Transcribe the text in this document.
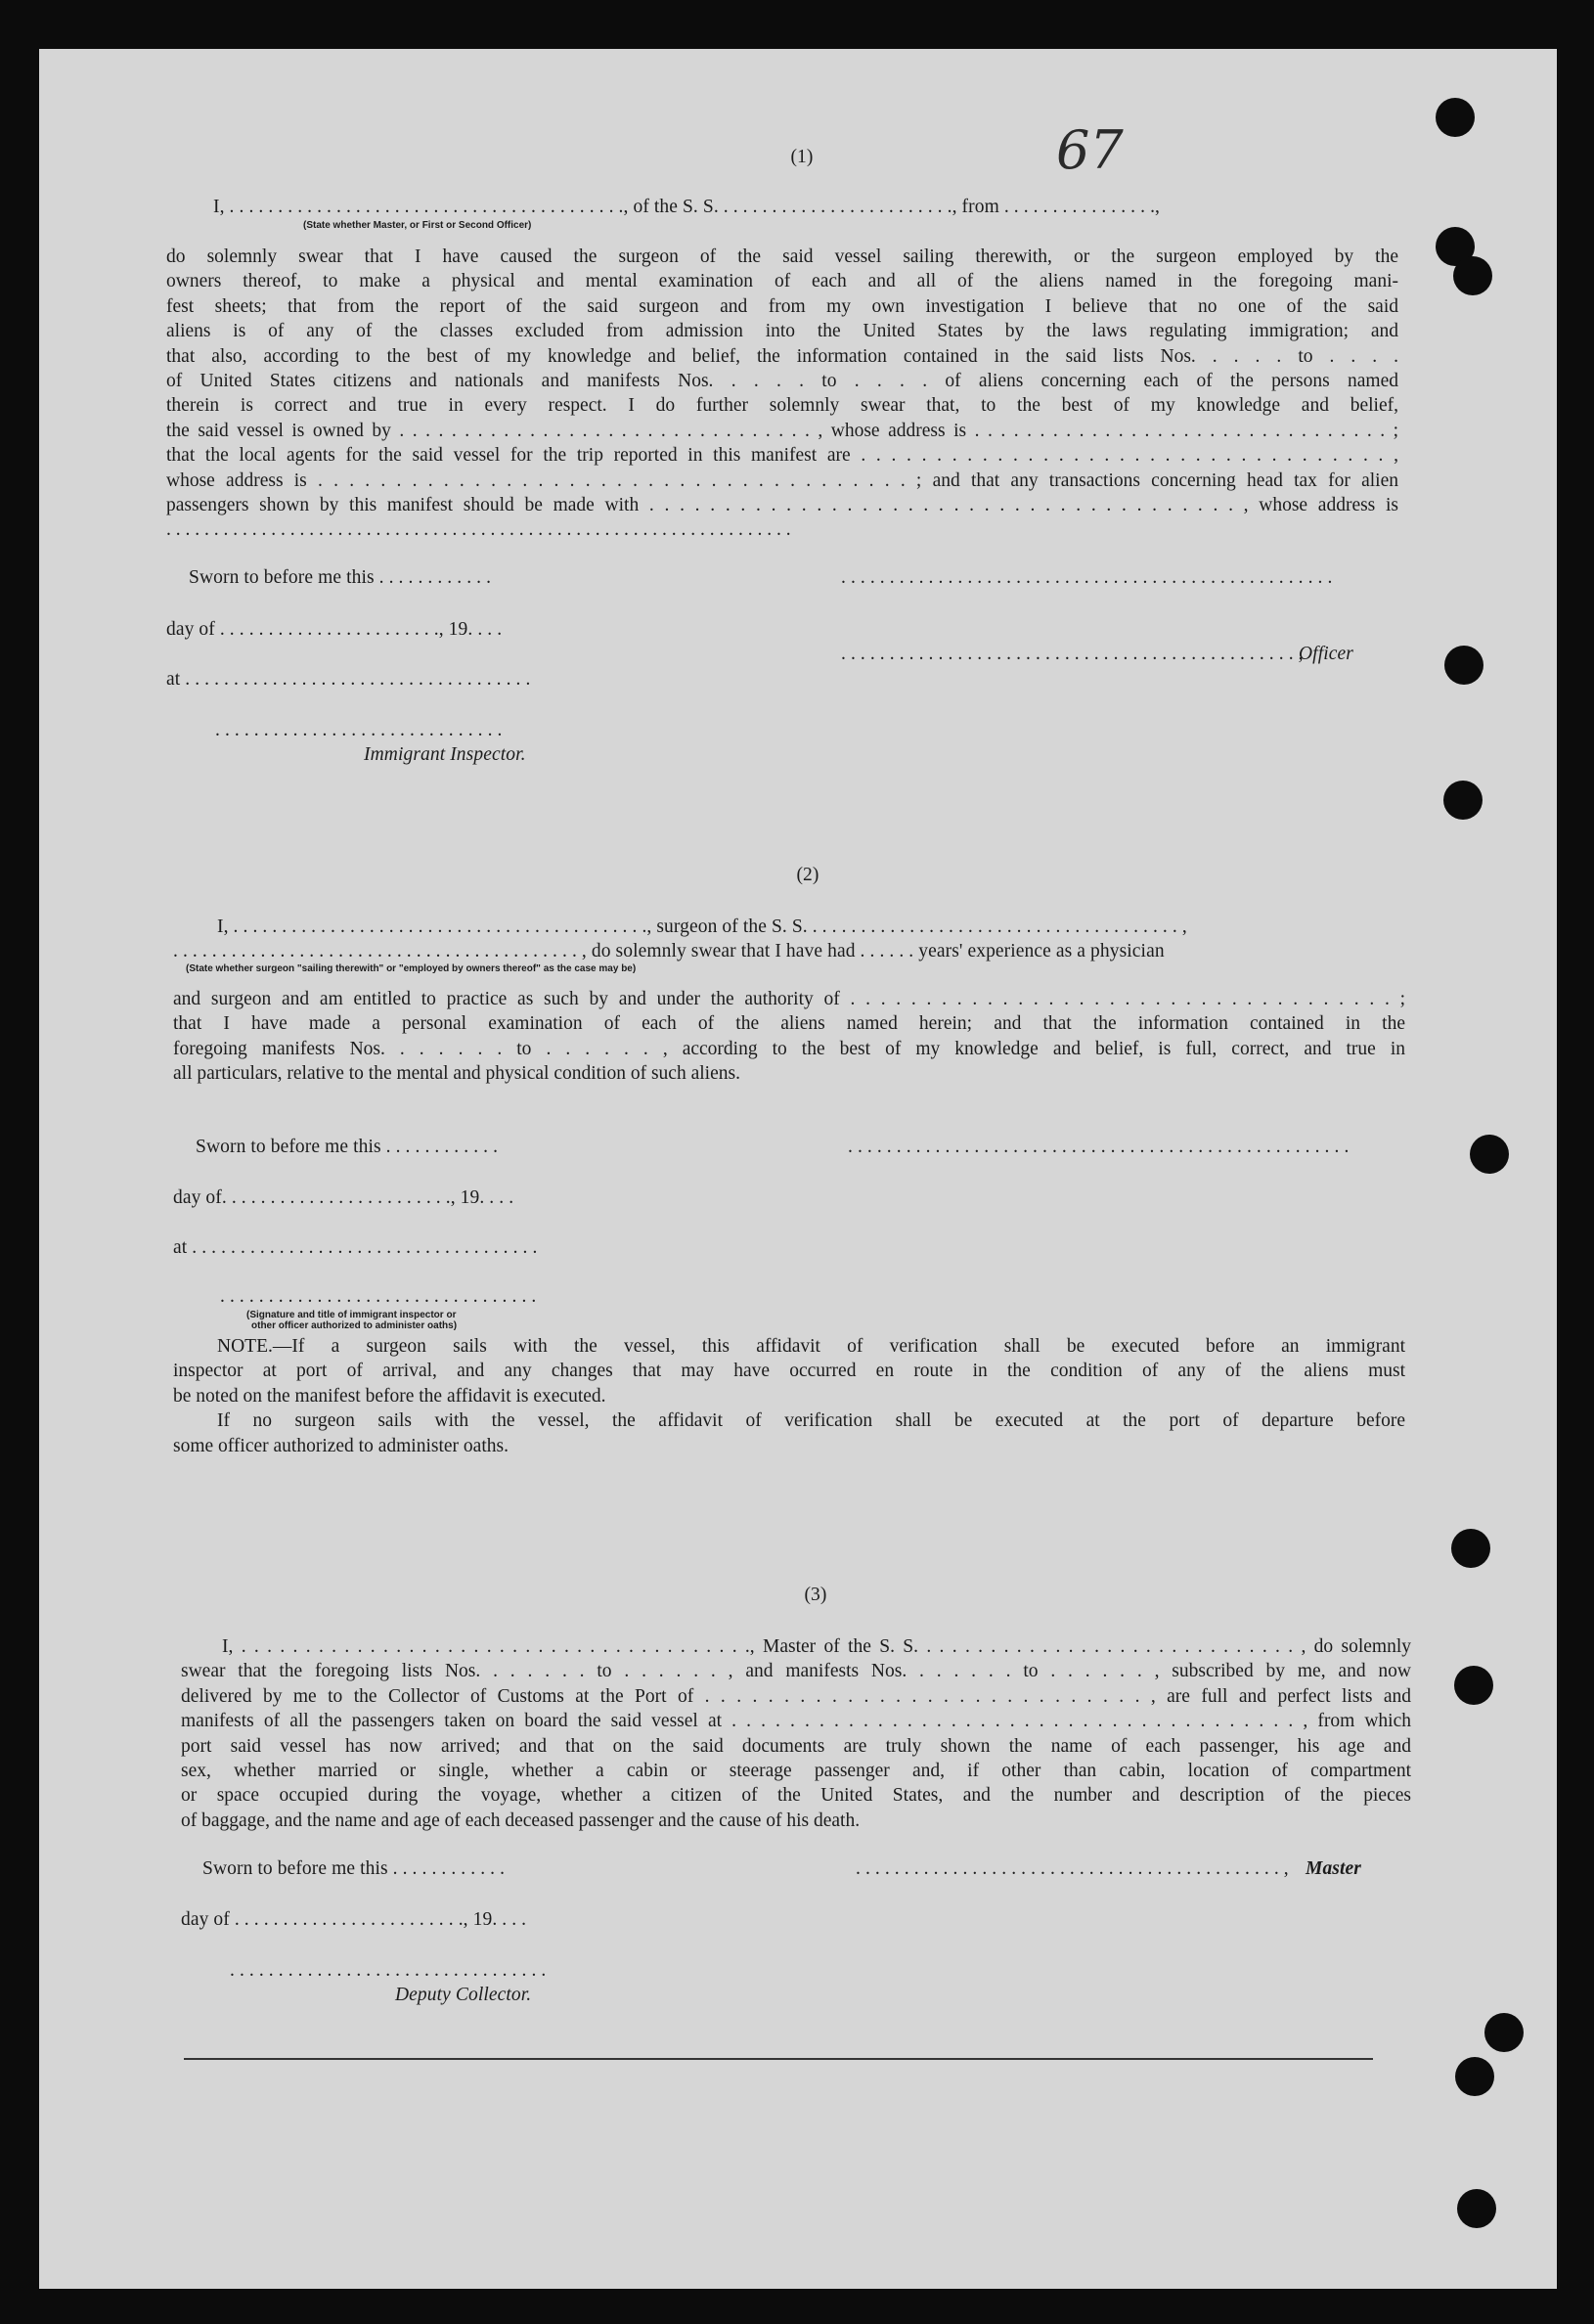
67
(1)
I, . . . . . . . . . . . . . . . . . . . . . . . . . . . . . . . . . . . . . . . . ., of the S. S. . . . . . . . . . . . . . . . . . . . . . . . ., from . . . . . . . . . . . . . . . .,
(State whether Master, or First or Second Officer)
do solemnly swear that I have caused the surgeon of the said vessel sailing therewith, or the surgeon employed by the
owners thereof, to make a physical and mental examination of each and all of the aliens named in the foregoing mani-
fest sheets; that from the report of the said surgeon and from my own investigation I believe that no one of the said
aliens is of any of the classes excluded from admission into the United States by the laws regulating immigration; and
that also, according to the best of my knowledge and belief, the information contained in the said lists Nos. . . . . to . . . .
of United States citizens and nationals and manifests Nos. . . . . to . . . . of aliens concerning each of the persons named
therein is correct and true in every respect. I do further solemnly swear that, to the best of my knowledge and belief,
the said vessel is owned by . . . . . . . . . . . . . . . . . . . . . . . . . . . . . . . . , whose address is . . . . . . . . . . . . . . . . . . . . . . . . . . . . . . . . ;
that the local agents for the said vessel for the trip reported in this manifest are . . . . . . . . . . . . . . . . . . . . . . . . . . . . . . . . . . . ,
whose address is . . . . . . . . . . . . . . . . . . . . . . . . . . . . . . . . . . . . . . ; and that any transactions concerning head tax for alien
passengers shown by this manifest should be made with . . . . . . . . . . . . . . . . . . . . . . . . . . . . . . . . . . . . . . . , whose address is
. . . . . . . . . . . . . . . . . . . . . . . . . . . . . . . . . . . . . . . . . . . . . . . . . . . . . . . . . . . . . . . . . .
Sworn to before me this . . . . . . . . . . . .	. . . . . . . . . . . . . . . . . . . . . . . . . . . . . . . . . . . . . . . . . . . . . . . . . . .
day of . . . . . . . . . . . . . . . . . . . . . . ., 19. . . .
. . . . . . . . . . . . . . . . . . . . . . . . . . . . . . . . . . . . . . . . . . . . . . . ,
Officer
at . . . . . . . . . . . . . . . . . . . . . . . . . . . . . . . . . . . .
. . . . . . . . . . . . . . . . . . . . . . . . . . . . . .
Immigrant Inspector.
(2)
I, . . . . . . . . . . . . . . . . . . . . . . . . . . . . . . . . . . . . . . . . . . ., surgeon of the S. S. . . . . . . . . . . . . . . . . . . . . . . . . . . . . . . . . . . . . . . ,
. . . . . . . . . . . . . . . . . . . . . . . . . . . . . . . . . . . . . . . . . . , do solemnly swear that I have had . . . . . . years' experience as a physician
(State whether surgeon "sailing therewith" or "employed by owners thereof" as the case may be)
and surgeon and am entitled to practice as such by and under the authority of . . . . . . . . . . . . . . . . . . . . . . . . . . . . . . . . . . . . ;
that I have made a personal examination of each of the aliens named herein; and that the information contained in the
foregoing manifests Nos. . . . . . . to . . . . . . , according to the best of my knowledge and belief, is full, correct, and true in
all particulars, relative to the mental and physical condition of such aliens.
Sworn to before me this . . . . . . . . . . . .	. . . . . . . . . . . . . . . . . . . . . . . . . . . . . . . . . . . . . . . . . . . . . . . . . . . .
day of. . . . . . . . . . . . . . . . . . . . . . . ., 19. . . .
at . . . . . . . . . . . . . . . . . . . . . . . . . . . . . . . . . . . .
. . . . . . . . . . . . . . . . . . . . . . . . . . . . . . . . .
(Signature and title of immigrant inspector or
other officer authorized to administer oaths)
NOTE.—If a surgeon sails with the vessel, this affidavit of verification shall be executed before an immigrant
inspector at port of arrival, and any changes that may have occurred en route in the condition of any of the aliens must
be noted on the manifest before the affidavit is executed.
If no surgeon sails with the vessel, the affidavit of verification shall be executed at the port of departure before
some officer authorized to administer oaths.
(3)
I, . . . . . . . . . . . . . . . . . . . . . . . . . . . . . . . . . . . . . . . ., Master of the S. S. . . . . . . . . . . . . . . . . . . . . . . . . . . . . . , do solemnly
swear that the foregoing lists Nos. . . . . . . to . . . . . . , and manifests Nos. . . . . . . to . . . . . . , subscribed by me, and now
delivered by me to the Collector of Customs at the Port of . . . . . . . . . . . . . . . . . . . . . . . . . . . . , are full and perfect lists and
manifests of all the passengers taken on board the said vessel at . . . . . . . . . . . . . . . . . . . . . . . . . . . . . . . . . . . . . . . , from which
port said vessel has now arrived; and that on the said documents are truly shown the name of each passenger, his age and
sex, whether married or single, whether a cabin or steerage passenger and, if other than cabin, location of compartment
or space occupied during the voyage, whether a citizen of the United States, and the number and description of the pieces
of baggage, and the name and age of each deceased passenger and the cause of his death.
Sworn to before me this . . . . . . . . . . . .	. . . . . . . . . . . . . . . . . . . . . . . . . . . . . . . . . . . . . . . . . . . . , Master
day of . . . . . . . . . . . . . . . . . . . . . . . ., 19. . . .
. . . . . . . . . . . . . . . . . . . . . . . . . . . . . . . . .
Deputy Collector.
